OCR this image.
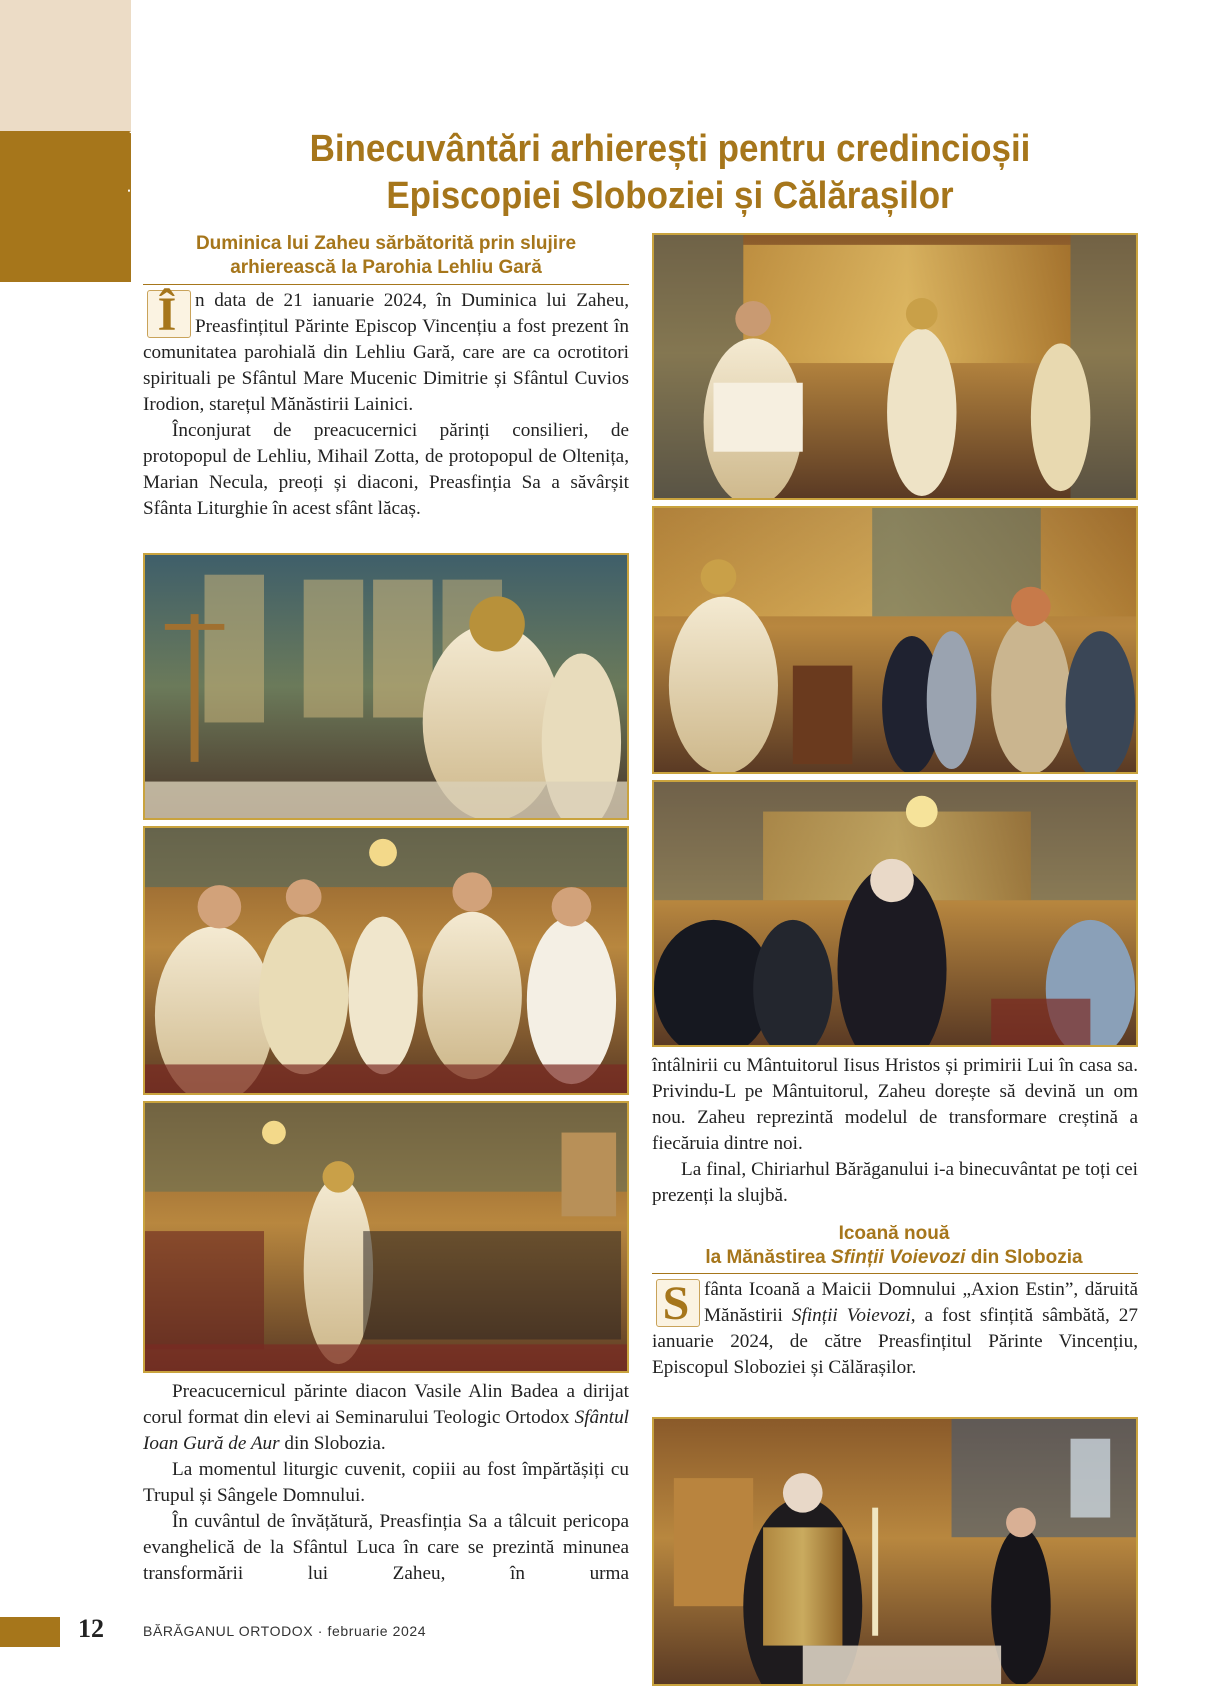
eveniment	Binecuvântări arhierești pentru credincioșii
Episcopiei Sloboziei și Călărașilor
Duminica lui Zaheu sărbătorită prin slujire
arhierească la Parohia Lehliu Gară

Î n data de 21 ianuarie 2024, în Duminica lui Zaheu, Preasfințitul Părinte Episcop Vincențiu a fost prezent în comunitatea parohială din Lehliu Gară, care are ca ocrotitori spirituali pe Sfântul Mare Mucenic Dimitrie și Sfântul Cuvios Irodion, starețul Mănăstirii Lainici.

Înconjurat de preacucernici părinți consilieri, de protopopul de Lehliu, Mihail Zotta, de protopopul de Oltenița, Marian Necula, preoți și diaconi, Preasfinția Sa a săvârșit Sfânta Liturghie în acest sfânt lăcaș.

Preacucernicul părinte diacon Vasile Alin Badea a dirijat corul format din elevi ai Seminarului Teologic Ortodox Sfântul Ioan Gură de Aur din Slobozia.

La momentul liturgic cuvenit, copiii au fost împărtășiți cu Trupul și Sângele Domnului.

În cuvântul de învățătură, Preasfinția Sa a tâlcuit pericopa evanghelică de la Sfântul Luca în care se prezintă minunea transformării lui Zaheu, în urma

întâlnirii cu Mântuitorul Iisus Hristos și primirii Lui în casa sa. Privindu-L pe Mântuitorul, Zaheu dorește să devină un om nou. Zaheu reprezintă modelul de transformare creștină a fiecăruia dintre noi.

La final, Chiriarhul Bărăganului i-a binecuvântat pe toți cei prezenți la slujbă.

Icoană nouă
la Mănăstirea Sfinții Voievozi din Slobozia

S fânta Icoană a Maicii Domnului „Axion Estin”, dăruită Mănăstirii Sfinții Voievozi, a fost sfințită sâmbătă, 27 ianuarie 2024, de către Preasfințitul Părinte Vincențiu, Episcopul Sloboziei și Călărașilor.

12	BĂRĂGANUL ORTODOX · februarie 2024
